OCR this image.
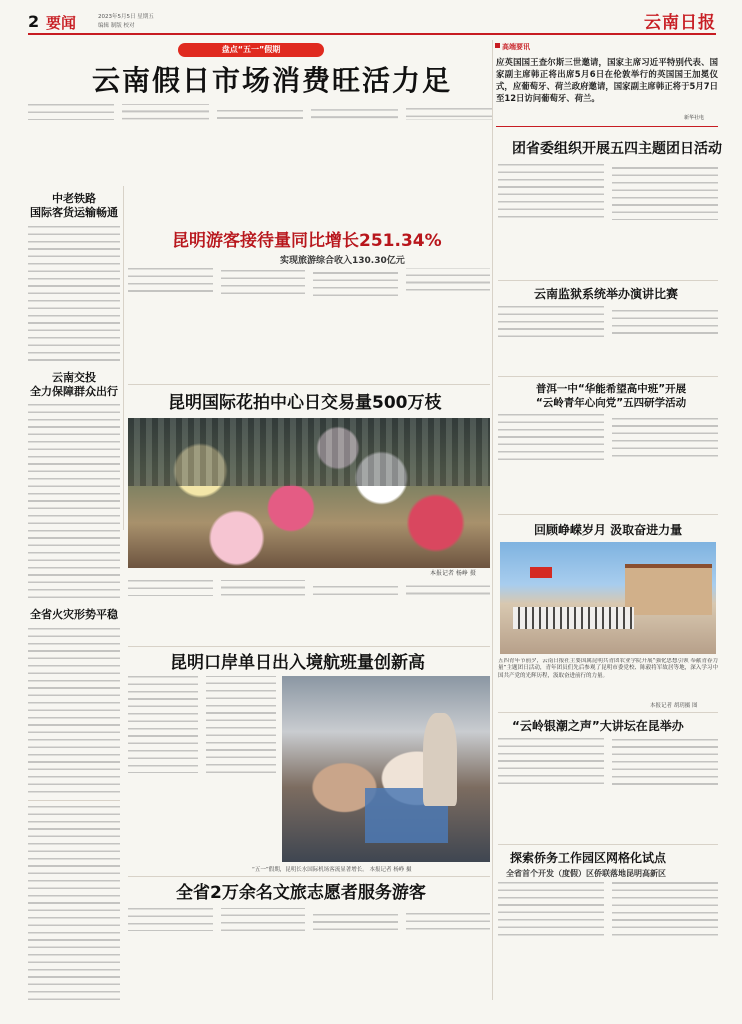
2 要闻	2023年5月5日 星期五
编辑 制版 校对	云南日报
盘点“五一”假期
云南假日市场消费旺活力足
高端要讯
应英国国王查尔斯三世邀请，国家主席习近平特别代表、国家副主席韩正将出席5月6日在伦敦举行的英国国王加冕仪式，应葡萄牙、荷兰政府邀请，国家副主席韩正将于5月7日至12日访问葡萄牙、荷兰。
新华社电
中老铁路
国际客货运输畅通
云南交投
全力保障群众出行
全省火灾形势平稳
昆明游客接待量同比增长251.34%
实现旅游综合收入130.30亿元
昆明国际花拍中心日交易量500万枝
本报记者 杨峥 摄
昆明口岸单日出入境航班量创新高
“五一”假期，昆明长水国际机场客流显著增长。 本报记者 杨峥 摄
全省2万余名文旅志愿者服务游客
团省委组织开展五四主题团日活动
云南监狱系统举办演讲比赛
普洱一中“华能希望高中班”开展
“云岭青年心向党”五四研学活动
回顾峥嵘岁月 汲取奋进力量
五四青年节前夕，云南日报社主要国属昆明共青团农业学院开展“强化思想引领 奉献青春力量”主题团日活动，青年团员们先后参观了昆明市委党校、陈毅将军故居等地，深入学习中国共产党的光辉历程，汲取奋进前行的力量。
本报记者 胡玥摄 图
“云岭银潮之声”大讲坛在昆举办
探索侨务工作园区网格化试点
全省首个开发（度假）区侨联落地昆明高新区
